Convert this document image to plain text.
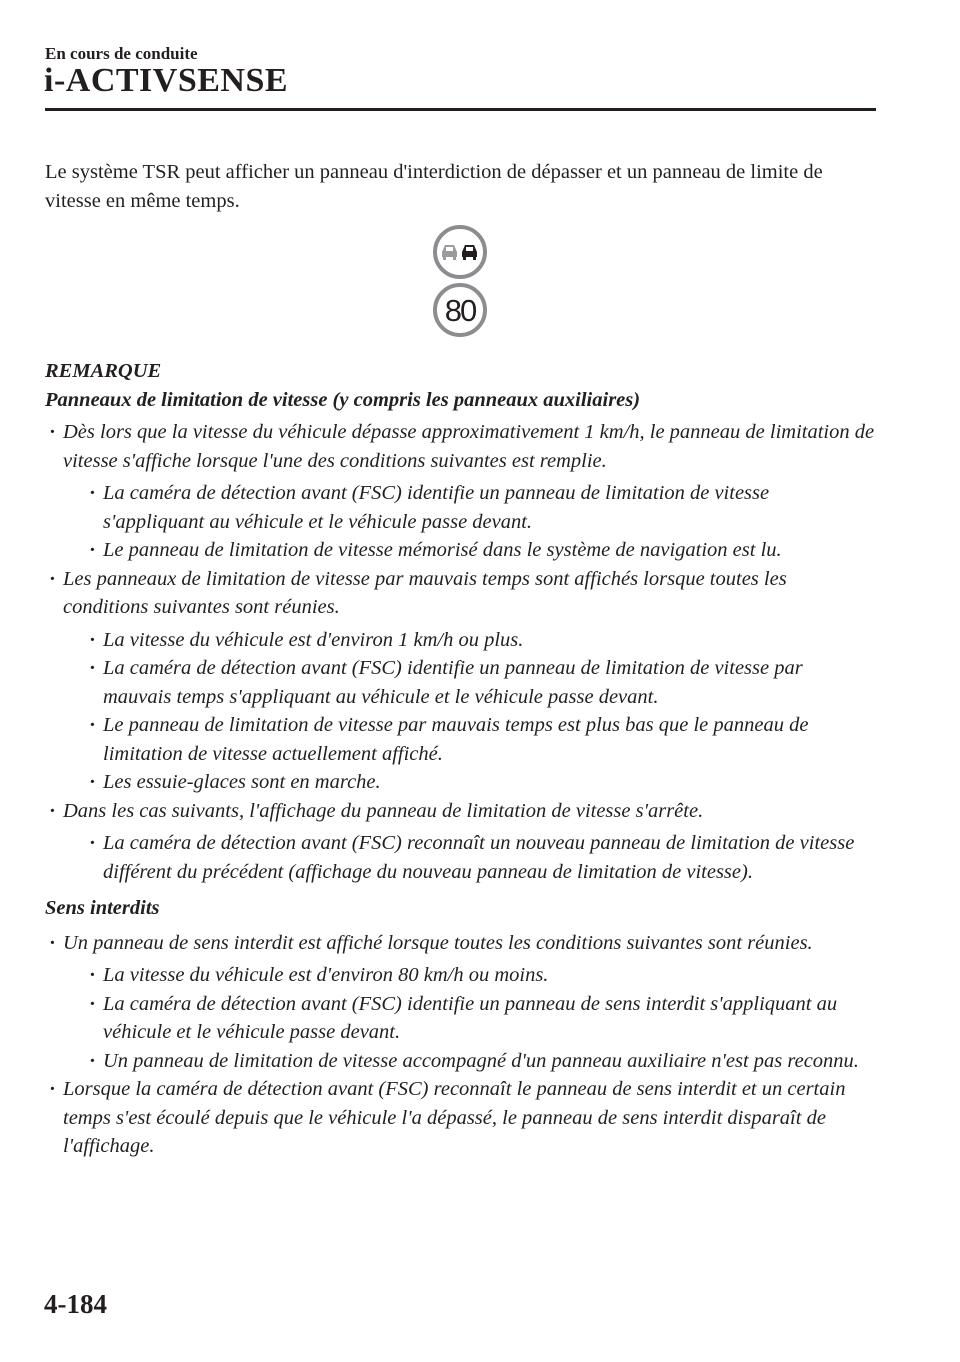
En cours de conduite
i-ACTIVSENSE

Le système TSR peut afficher un panneau d'interdiction de dépasser et un panneau de limite de vitesse en même temps.

80

REMARQUE

Panneaux de limitation de vitesse (y compris les panneaux auxiliaires)

· Dès lors que la vitesse du véhicule dépasse approximativement 1 km/h, le panneau de limitation de vitesse s'affiche lorsque l'une des conditions suivantes est remplie.
· La caméra de détection avant (FSC) identifie un panneau de limitation de vitesse s'appliquant au véhicule et le véhicule passe devant.
· Le panneau de limitation de vitesse mémorisé dans le système de navigation est lu.
· Les panneaux de limitation de vitesse par mauvais temps sont affichés lorsque toutes les conditions suivantes sont réunies.
· La vitesse du véhicule est d'environ 1 km/h ou plus.
· La caméra de détection avant (FSC) identifie un panneau de limitation de vitesse par mauvais temps s'appliquant au véhicule et le véhicule passe devant.
· Le panneau de limitation de vitesse par mauvais temps est plus bas que le panneau de limitation de vitesse actuellement affiché.
· Les essuie-glaces sont en marche.
· Dans les cas suivants, l'affichage du panneau de limitation de vitesse s'arrête.
· La caméra de détection avant (FSC) reconnaît un nouveau panneau de limitation de vitesse différent du précédent (affichage du nouveau panneau de limitation de vitesse).

Sens interdits

· Un panneau de sens interdit est affiché lorsque toutes les conditions suivantes sont réunies.
· La vitesse du véhicule est d'environ 80 km/h ou moins.
· La caméra de détection avant (FSC) identifie un panneau de sens interdit s'appliquant au véhicule et le véhicule passe devant.
· Un panneau de limitation de vitesse accompagné d'un panneau auxiliaire n'est pas reconnu.
· Lorsque la caméra de détection avant (FSC) reconnaît le panneau de sens interdit et un certain temps s'est écoulé depuis que le véhicule l'a dépassé, le panneau de sens interdit disparaît de l'affichage.
4-184
